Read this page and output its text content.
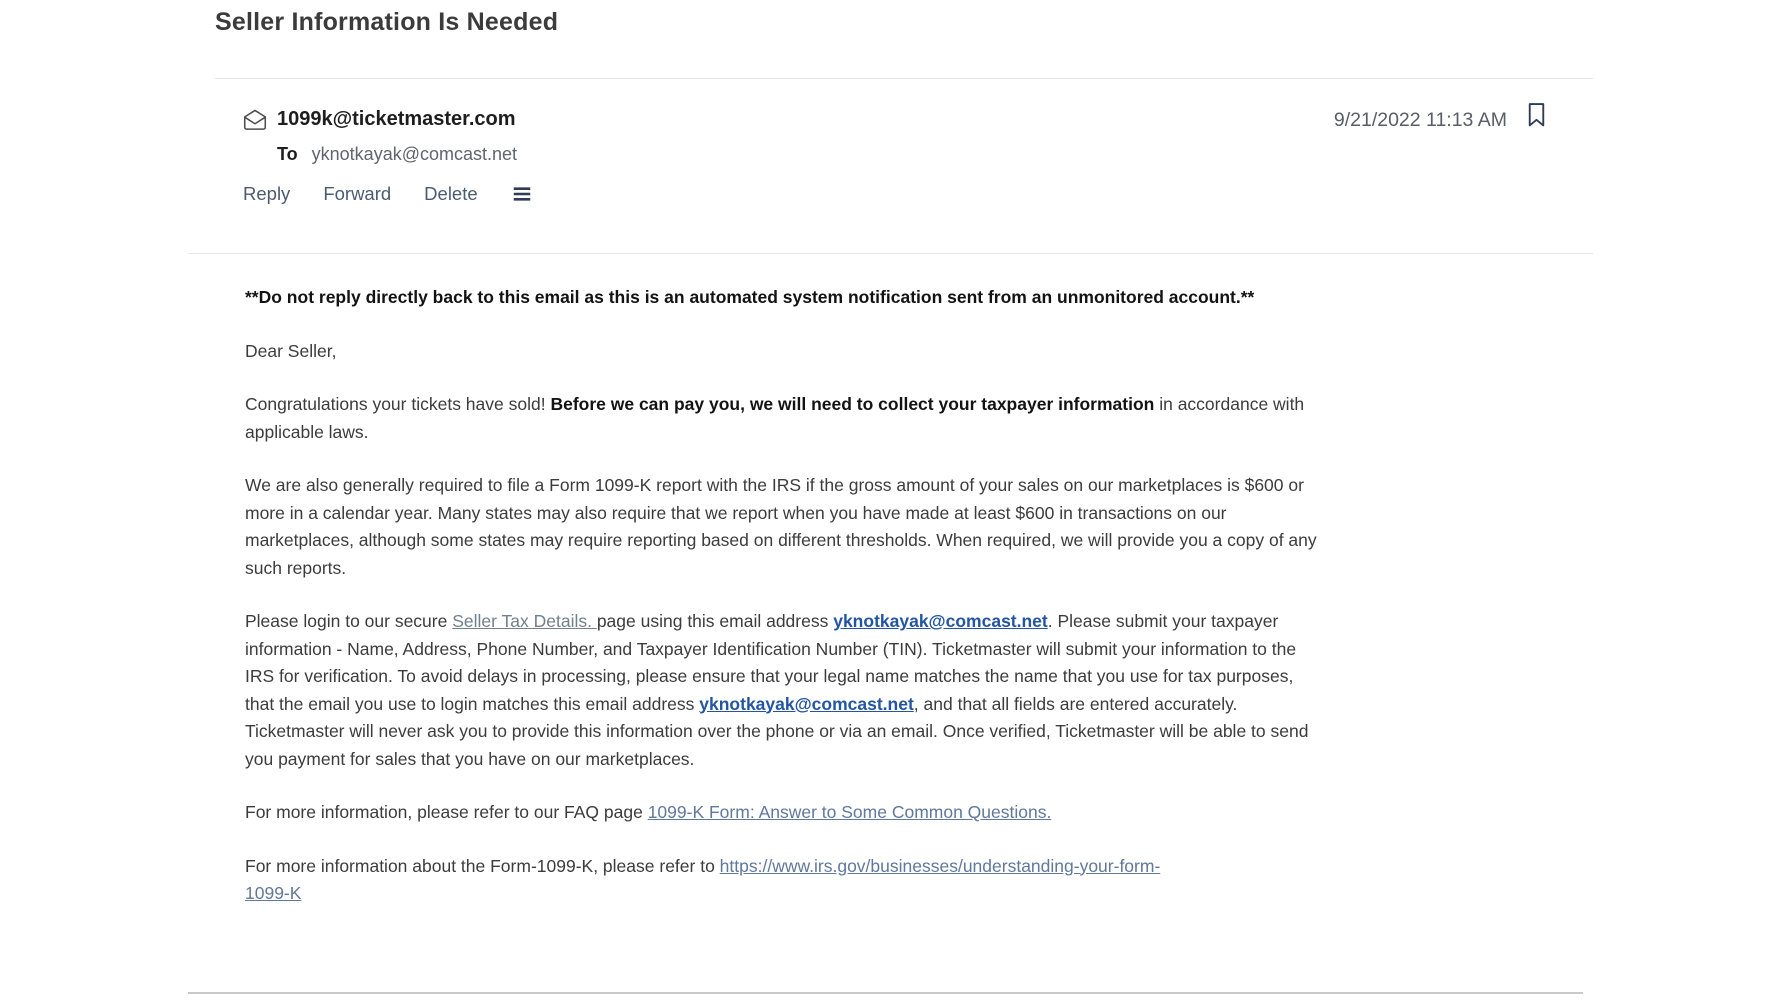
Seller Information Is Needed
1099k@ticketmaster.com
To yknotkayak@comcast.net
9/21/2022 11:13 AM
Reply Forward Delete

**Do not reply directly back to this email as this is an automated system notification sent from an unmonitored account.**

Dear Seller,

Congratulations your tickets have sold! Before we can pay you, we will need to collect your taxpayer information in accordance with applicable laws.

We are also generally required to file a Form 1099-K report with the IRS if the gross amount of your sales on our marketplaces is $600 or more in a calendar year. Many states may also require that we report when you have made at least $600 in transactions on our marketplaces, although some states may require reporting based on different thresholds. When required, we will provide you a copy of any such reports.

Please login to our secure Seller Tax Details. page using this email address yknotkayak@comcast.net. Please submit your taxpayer information - Name, Address, Phone Number, and Taxpayer Identification Number (TIN). Ticketmaster will submit your information to the IRS for verification. To avoid delays in processing, please ensure that your legal name matches the name that you use for tax purposes, that the email you use to login matches this email address yknotkayak@comcast.net, and that all fields are entered accurately. Ticketmaster will never ask you to provide this information over the phone or via an email. Once verified, Ticketmaster will be able to send you payment for sales that you have on our marketplaces.

For more information, please refer to our FAQ page 1099-K Form: Answer to Some Common Questions.

For more information about the Form-1099-K, please refer to https://www.irs.gov/businesses/understanding-your-form-
1099-K
